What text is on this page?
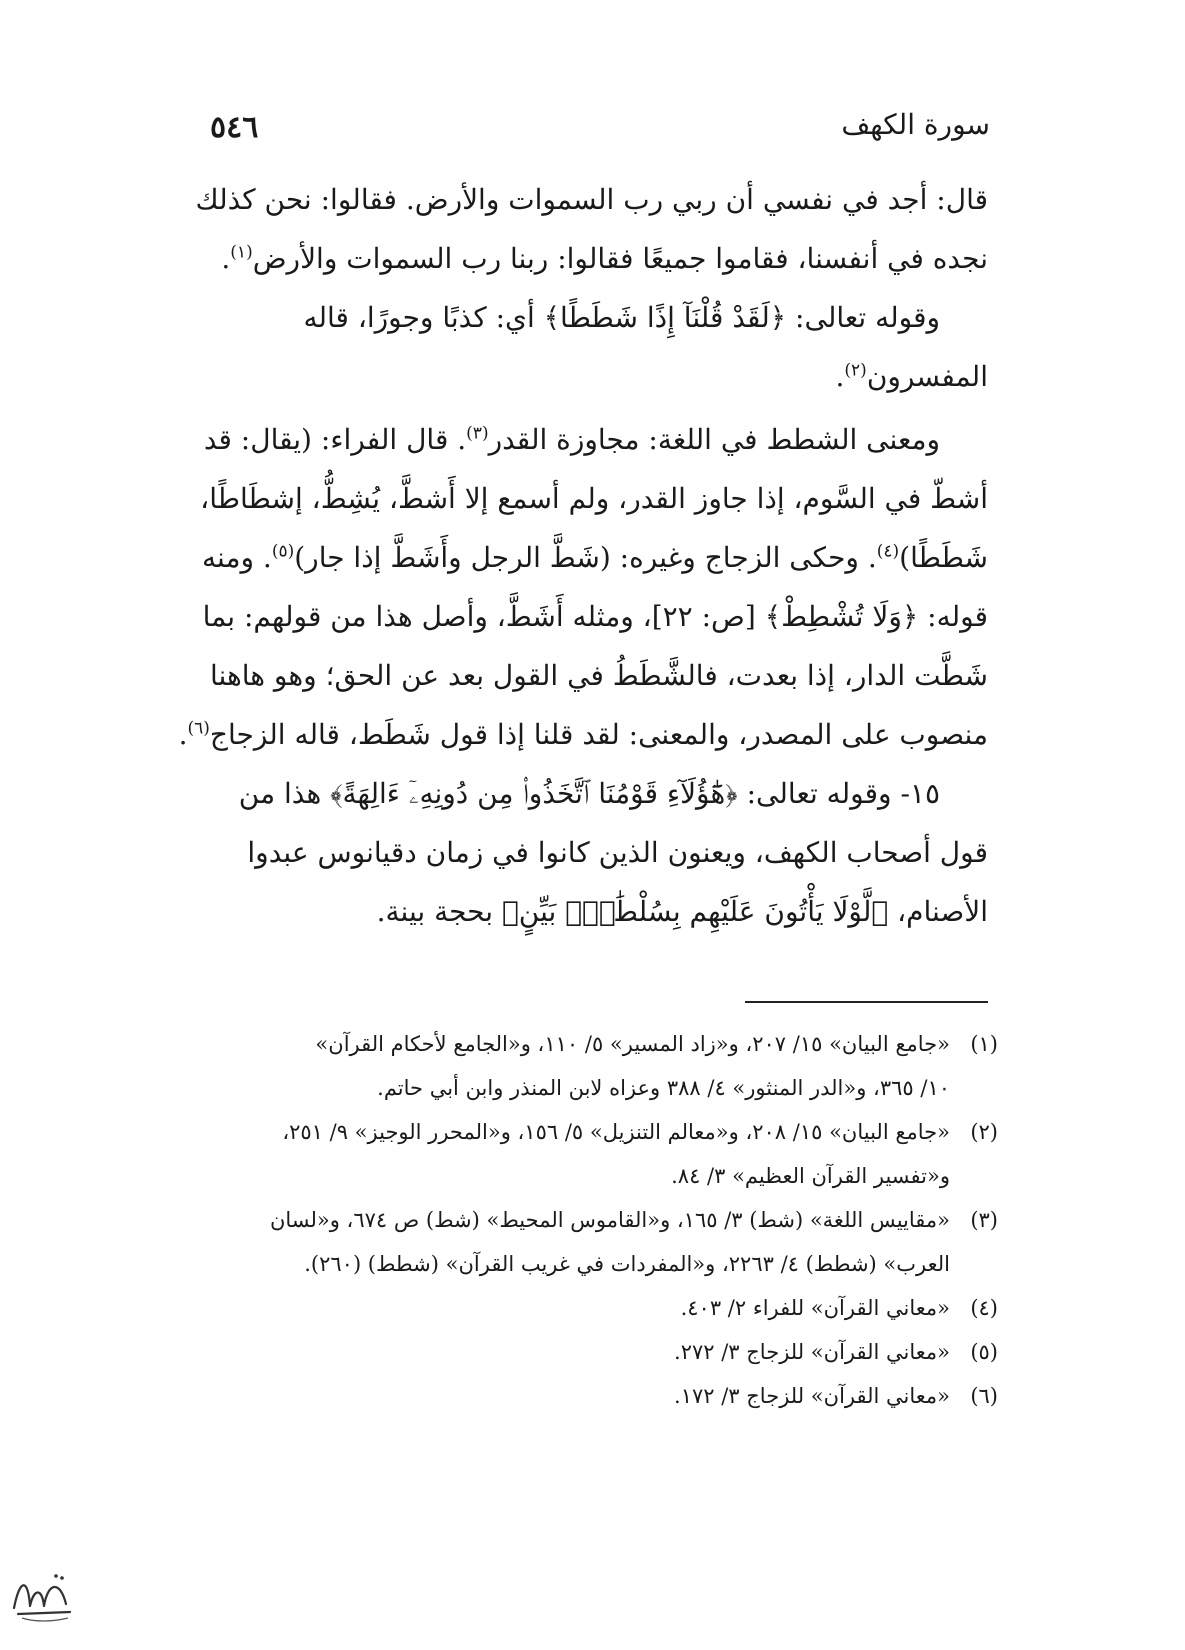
٥٤٦	سورة الكهف

قال: أجد في نفسي أن ربي رب السموات والأرض. فقالوا: نحن كذلك
نجده في أنفسنا، فقاموا جميعًا فقالوا: ربنا رب السموات والأرض$^{(١)}$.

وقوله تعالى: ﴿لَقَدْ قُلْنَآ إِذًا شَطَطًا﴾ أي: كذبًا وجورًا، قاله
المفسرون$^{(٢)}$.

ومعنى الشطط في اللغة: مجاوزة القدر$^{(٣)}$. قال الفراء: (يقال: قد
أشطّ في السَّوم، إذا جاوز القدر، ولم أسمع إلا أَشطَّ، يُشِطُّ، إشطَاطًا،
شَطَطًا)$^{(٤)}$. وحكى الزجاج وغيره: (شَطَّ الرجل وأَشَطَّ إذا جار)$^{(٥)}$. ومنه
قوله: ﴿وَلَا تُشْطِطْ﴾ [ص: ٢٢]، ومثله أَشَطَّ، وأصل هذا من قولهم: بما
شَطَّت الدار، إذا بعدت، فالشَّطَطُ في القول بعد عن الحق؛ وهو هاهنا
منصوب على المصدر، والمعنى: لقد قلنا إذا قول شَطَط، قاله الزجاج$^{(٦)}$.

١٥- وقوله تعالى: ﴿هَٰٓؤُلَآءِ قَوْمُنَا ٱتَّخَذُوا۟ مِن دُونِهِۦٓ ءَالِهَةً﴾ هذا من
قول أصحاب الكهف، ويعنون الذين كانوا في زمان دقيانوس عبدوا
الأصنام، ﴿لَّوْلَا يَأْتُونَ عَلَيْهِم بِسُلْطَٰنٍۭ بَيِّنٍ﴾ بحجة بينة.

(١)
«جامع البيان» ١٥/ ٢٠٧، و«زاد المسير» ٥/ ١١٠، و«الجامع لأحكام القرآن»
١٠/ ٣٦٥، و«الدر المنثور» ٤/ ٣٨٨ وعزاه لابن المنذر وابن أبي حاتم.
(٢)
«جامع البيان» ١٥/ ٢٠٨، و«معالم التنزيل» ٥/ ١٥٦، و«المحرر الوجيز» ٩/ ٢٥١،
و«تفسير القرآن العظيم» ٣/ ٨٤.
(٣)
«مقاييس اللغة» (شط) ٣/ ١٦٥، و«القاموس المحيط» (شط) ص ٦٧٤، و«لسان
العرب» (شطط) ٤/ ٢٢٦٣، و«المفردات في غريب القرآن» (شطط) (٢٦٠).
(٤)
«معاني القرآن» للفراء ٢/ ٤٠٣.
(٥)
«معاني القرآن» للزجاج ٣/ ٢٧٢.
(٦)
«معاني القرآن» للزجاج ٣/ ١٧٢.
